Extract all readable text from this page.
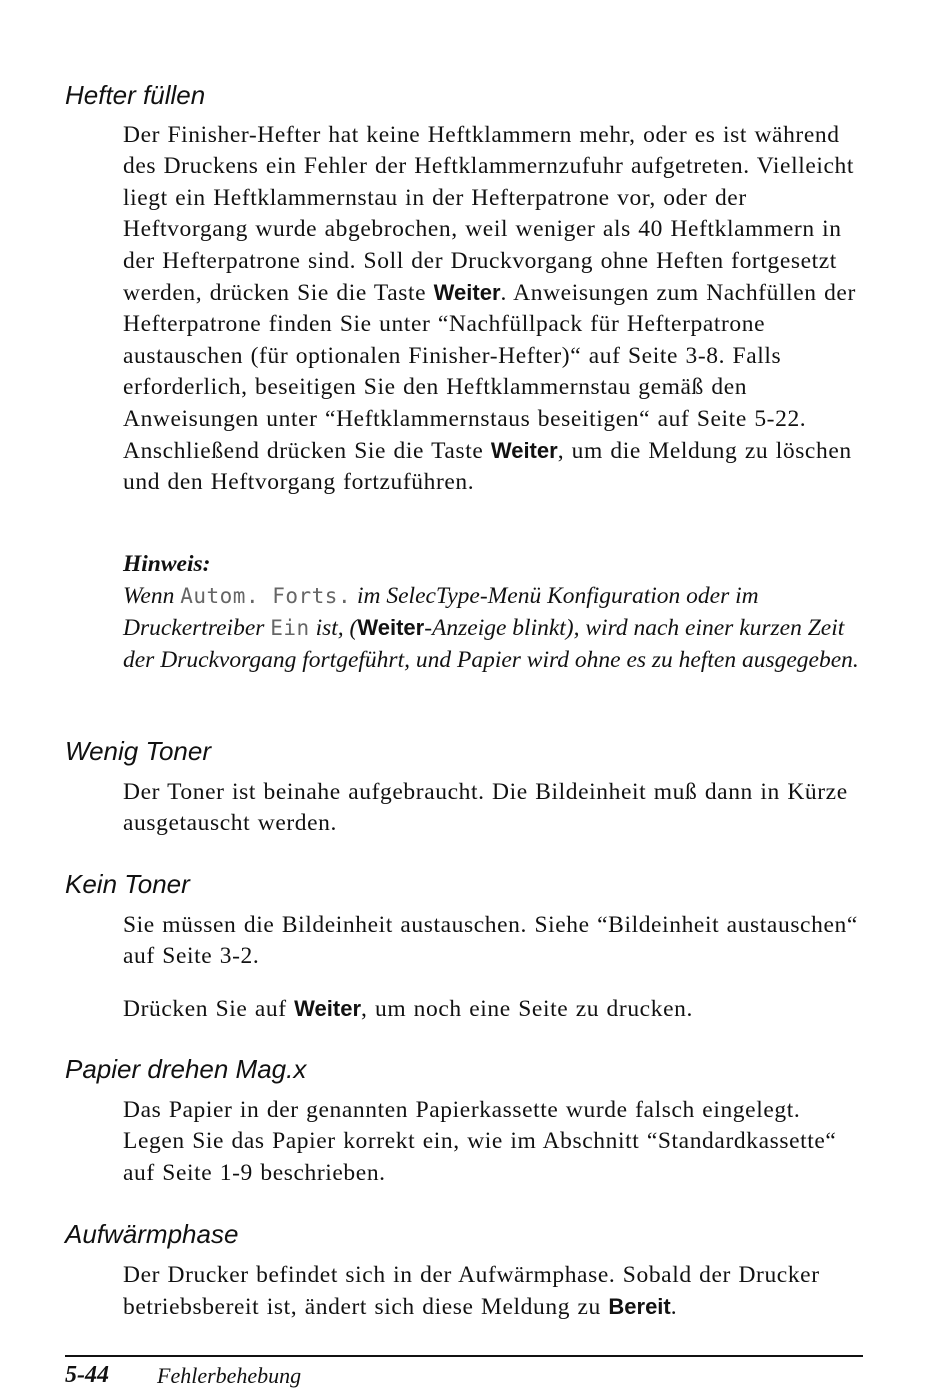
Hefter füllen

Der Finisher-Hefter hat keine Heftklammern mehr, oder es ist während des Druckens ein Fehler der Heftklammernzufuhr aufgetreten. Vielleicht liegt ein Heftklammernstau in der Hefterpatrone vor, oder der Heftvorgang wurde abgebrochen, weil weniger als 40 Heftklammern in der Hefterpatrone sind. Soll der Druckvorgang ohne Heften fortgesetzt werden, drücken Sie die Taste Weiter. Anweisungen zum Nachfüllen der Hefterpatrone finden Sie unter “Nachfüllpack für Hefterpatrone austauschen (für optionalen Finisher-Hefter)“ auf Seite 3-8. Falls erforderlich, beseitigen Sie den Heftklammernstau gemäß den Anweisungen unter “Heftklammernstaus beseitigen“ auf Seite 5-22. Anschließend drücken Sie die Taste Weiter, um die Meldung zu löschen und den Heftvorgang fortzuführen.

Hinweis:

Wenn Autom. Forts. im SelecType-Menü Konfiguration oder im Druckertreiber Ein ist, (Weiter-Anzeige blinkt), wird nach einer kurzen Zeit der Druckvorgang fortgeführt, und Papier wird ohne es zu heften ausgegeben.

Wenig Toner

Der Toner ist beinahe aufgebraucht. Die Bildeinheit muß dann in Kürze ausgetauscht werden.

Kein Toner

Sie müssen die Bildeinheit austauschen. Siehe “Bildeinheit austauschen“ auf Seite 3-2.

Drücken Sie auf Weiter, um noch eine Seite zu drucken.

Papier drehen Mag.x

Das Papier in der genannten Papierkassette wurde falsch eingelegt. Legen Sie das Papier korrekt ein, wie im Abschnitt “Standardkassette“ auf Seite 1-9 beschrieben.

Aufwärmphase

Der Drucker befindet sich in der Aufwärmphase. Sobald der Drucker betriebsbereit ist, ändert sich diese Meldung zu Bereit.

5-44 Fehlerbehebung
